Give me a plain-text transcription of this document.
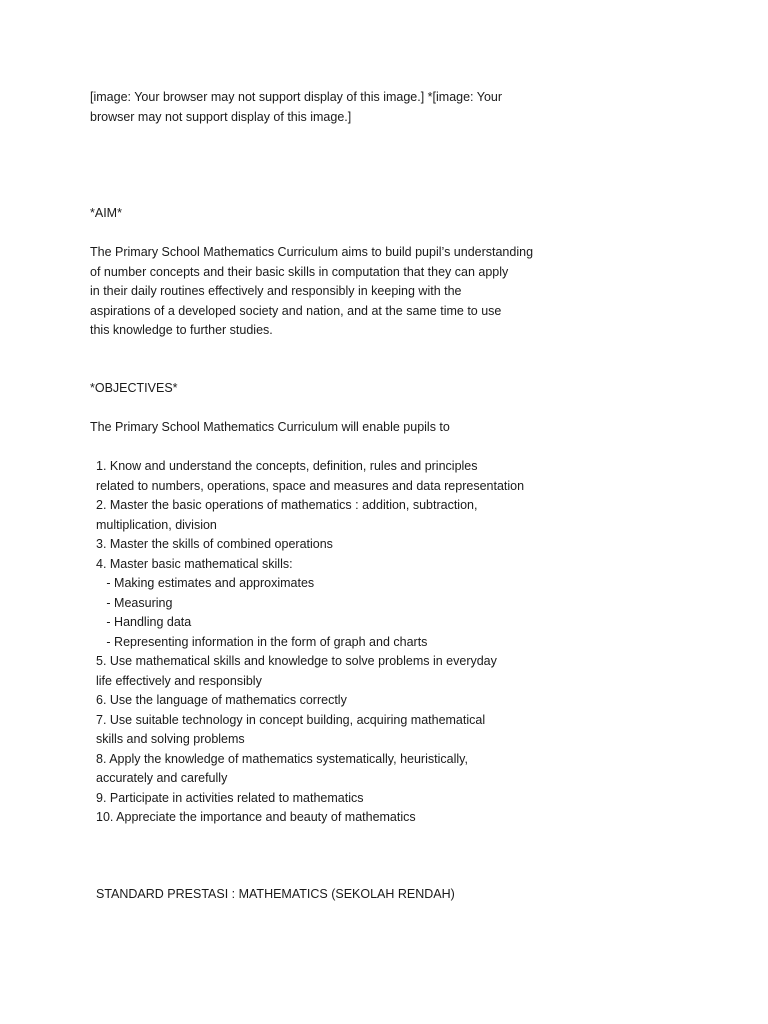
[image: Your browser may not support display of this image.] *[image: Your
browser may not support display of this image.]
*AIM*
The Primary School Mathematics Curriculum aims to build pupil’s understanding
of number concepts and their basic skills in computation that they can apply
in their daily routines effectively and responsibly in keeping with the
aspirations of a developed society and nation, and at the same time to use
this knowledge to further studies.
*OBJECTIVES*
The Primary School Mathematics Curriculum will enable pupils to
1. Know and understand the concepts, definition, rules and principles
related to numbers, operations, space and measures and data representation
2. Master the basic operations of mathematics : addition, subtraction,
multiplication, division
3. Master the skills of combined operations
4. Master basic mathematical skills:
- Making estimates and approximates
- Measuring
- Handling data
- Representing information in the form of graph and charts
5. Use mathematical skills and knowledge to solve problems in everyday
life effectively and responsibly
6. Use the language of mathematics correctly
7. Use suitable technology in concept building, acquiring mathematical
skills and solving problems
8. Apply the knowledge of mathematics systematically, heuristically,
accurately and carefully
9. Participate in activities related to mathematics
10. Appreciate the importance and beauty of mathematics
STANDARD PRESTASI : MATHEMATICS (SEKOLAH RENDAH)
